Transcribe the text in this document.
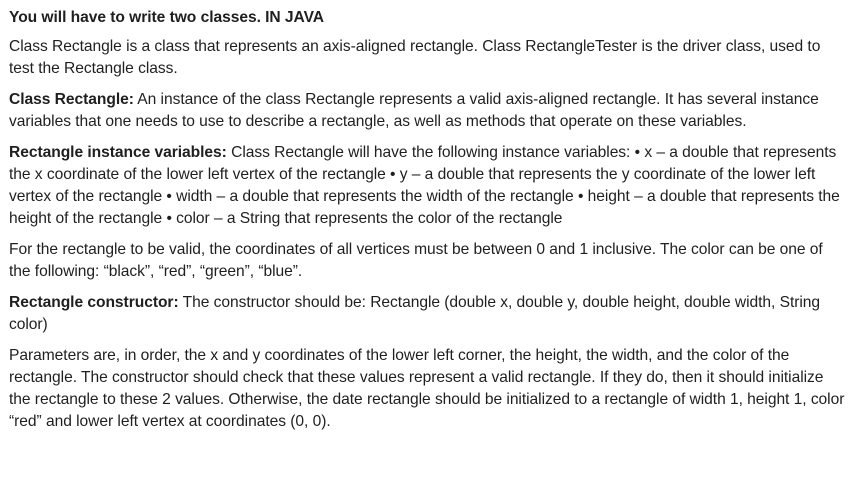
You will have to write two classes. IN JAVA

Class Rectangle is a class that represents an axis-aligned rectangle. Class RectangleTester is the driver class, used to test the Rectangle class.

Class Rectangle: An instance of the class Rectangle represents a valid axis-aligned rectangle. It has several instance variables that one needs to use to describe a rectangle, as well as methods that operate on these variables.

Rectangle instance variables: Class Rectangle will have the following instance variables: • x – a double that represents the x coordinate of the lower left vertex of the rectangle • y – a double that represents the y coordinate of the lower left vertex of the rectangle • width – a double that represents the width of the rectangle • height – a double that represents the height of the rectangle • color – a String that represents the color of the rectangle

For the rectangle to be valid, the coordinates of all vertices must be between 0 and 1 inclusive. The color can be one of the following: “black”, “red”, “green”, “blue”.

Rectangle constructor: The constructor should be: Rectangle (double x, double y, double height, double width, String color)

Parameters are, in order, the x and y coordinates of the lower left corner, the height, the width, and the color of the rectangle. The constructor should check that these values represent a valid rectangle. If they do, then it should initialize the rectangle to these 2 values. Otherwise, the date rectangle should be initialized to a rectangle of width 1, height 1, color “red” and lower left vertex at coordinates (0, 0).
